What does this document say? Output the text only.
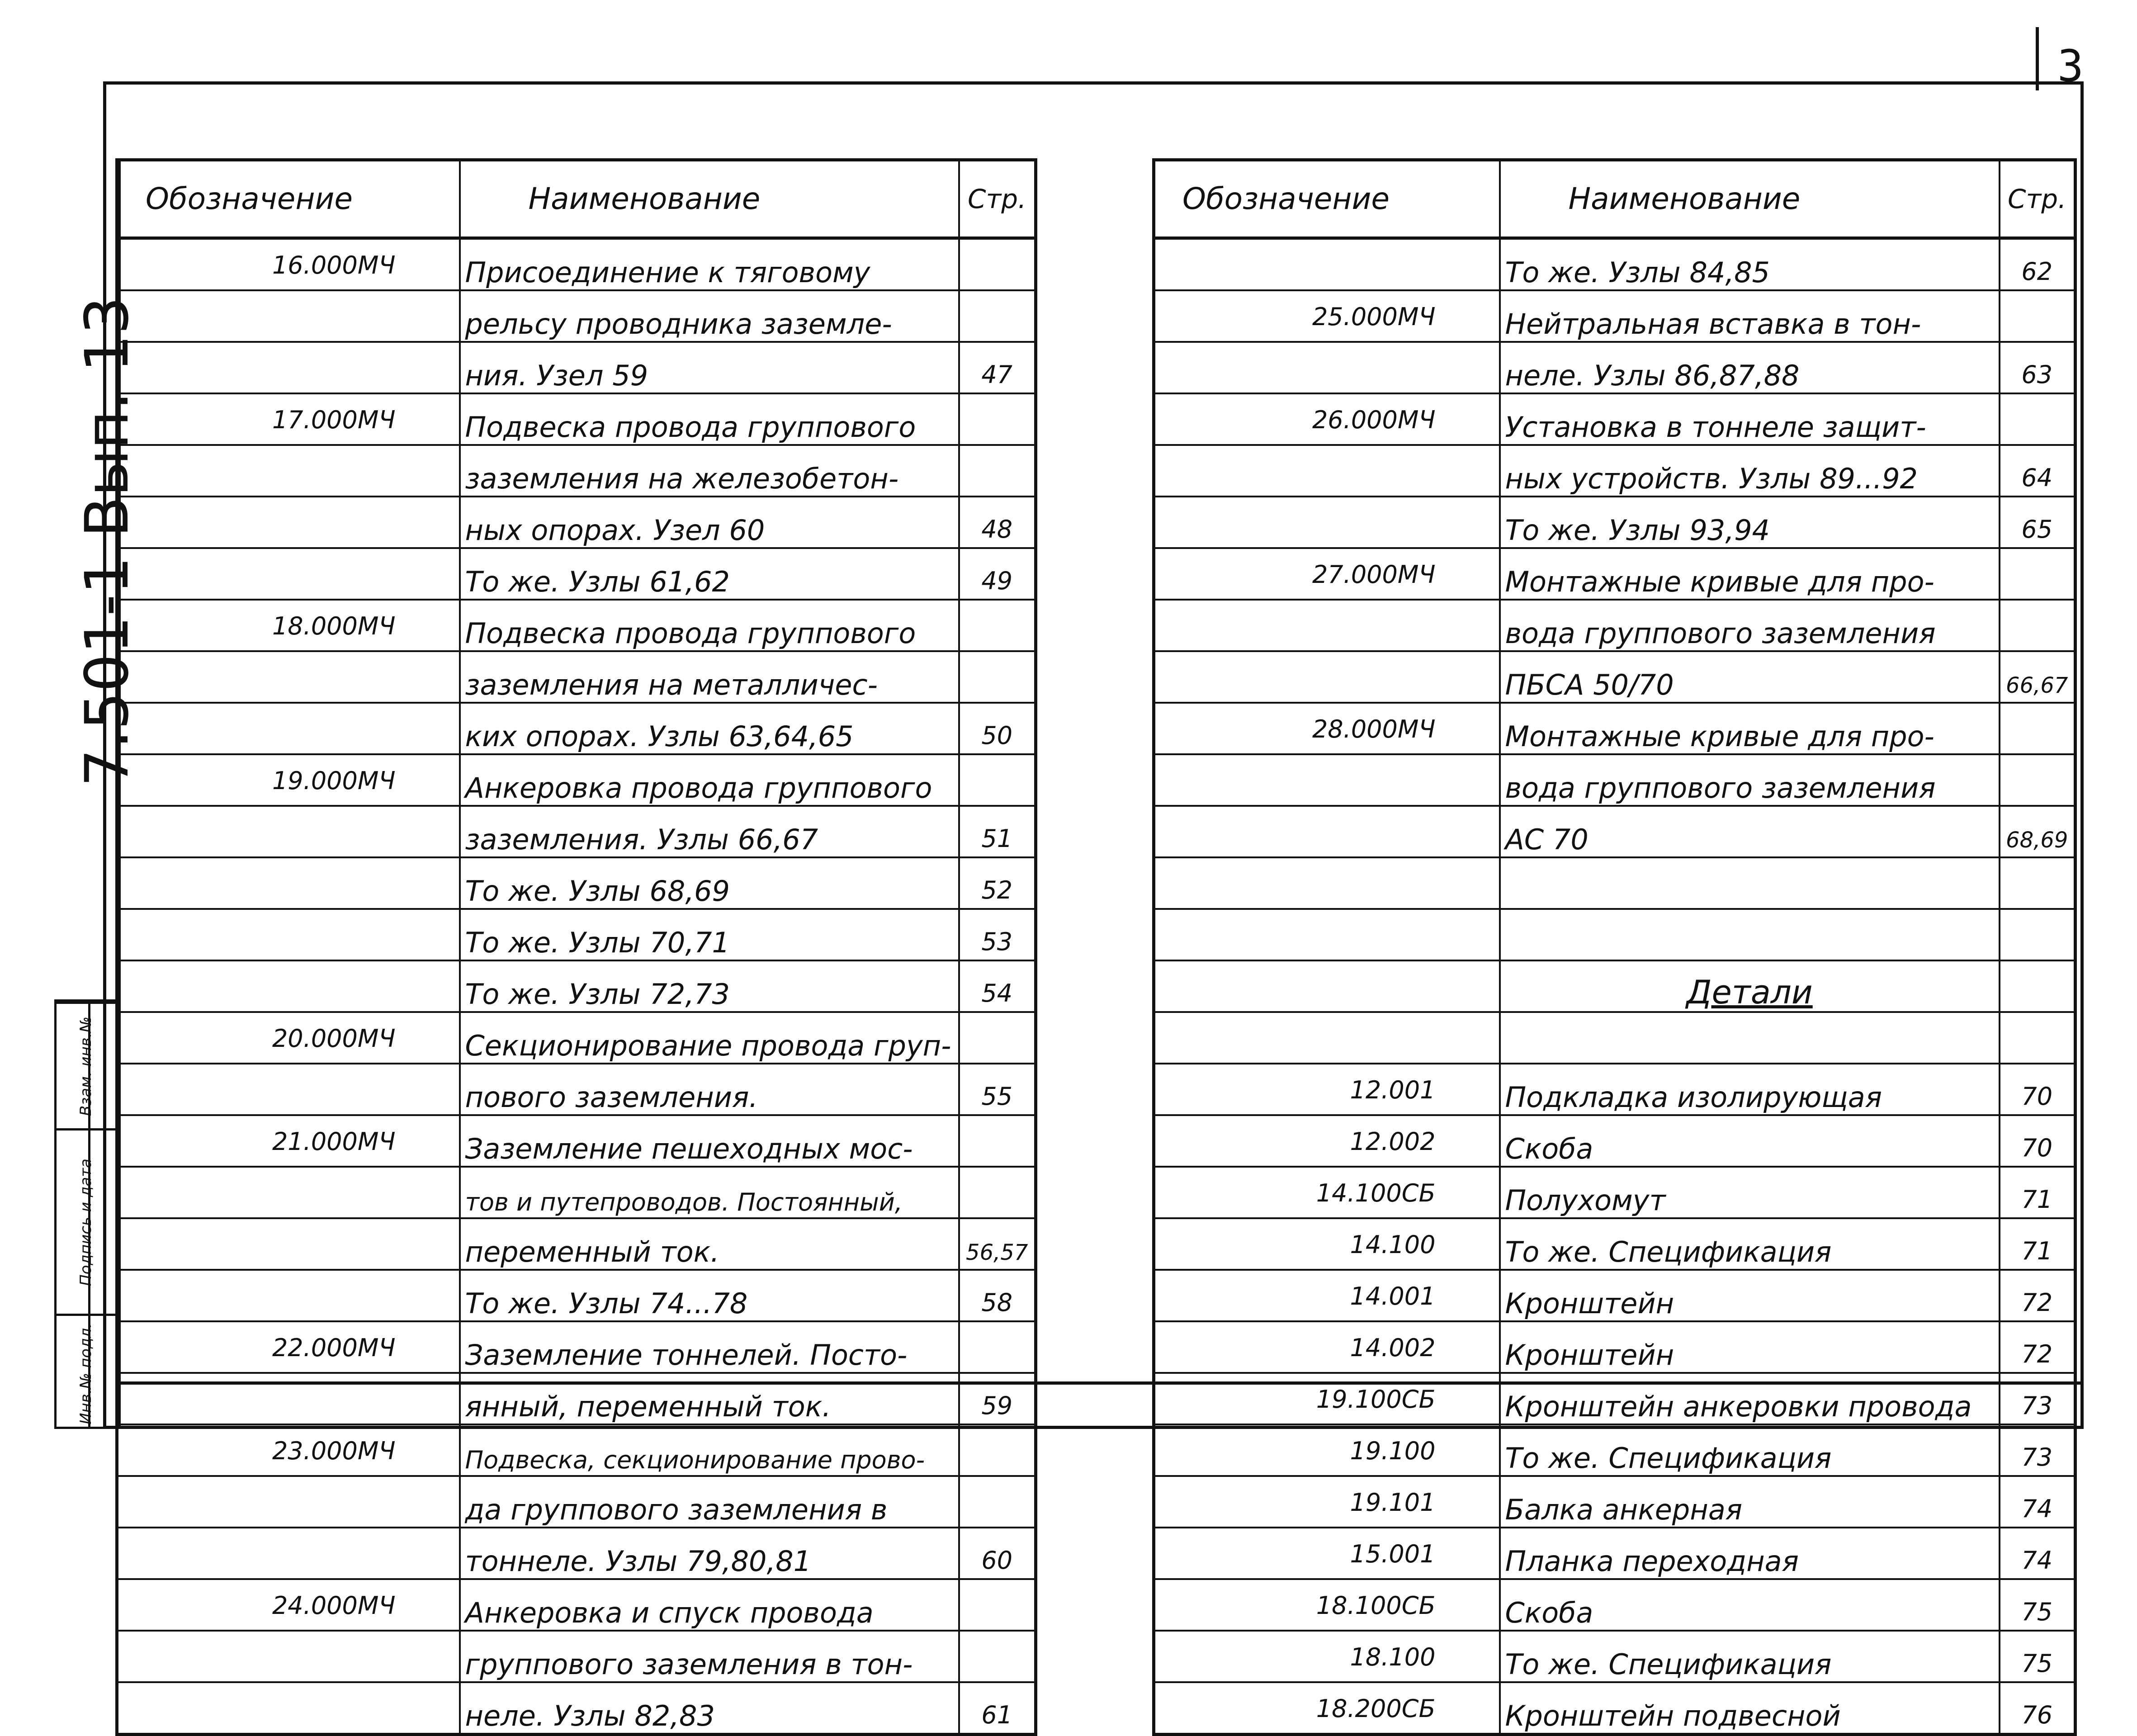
3
7.501-1 Вып. 13
Взам. инв.№
Подпись и дата
Инв.№ подл.
Обозначение	Наименование	Стр.
16.000МЧ	Присоединение к тяговому	
	рельсу проводника заземле-	
	ния. Узел 59	47
17.000МЧ	Подвеска провода группового	
	заземления на железобетон-	
	ных опорах. Узел 60	48
	То же. Узлы 61,62	49
18.000МЧ	Подвеска провода группового	
	заземления на металличес-	
	ких опорах. Узлы 63,64,65	50
19.000МЧ	Анкеровка провода группового	
	заземления. Узлы 66,67	51
	То же. Узлы 68,69	52
	То же. Узлы 70,71	53
	То же. Узлы 72,73	54
20.000МЧ	Секционирование провода груп-	
	пового заземления.	55
21.000МЧ	Заземление пешеходных мос-	
	тов и путепроводов. Постоянный,	
	переменный ток.	56,57
	То же. Узлы 74...78	58
22.000МЧ	Заземление тоннелей. Посто-	
	янный, переменный ток.	59
23.000МЧ	Подвеска, секционирование прово-	
	да группового заземления в	
	тоннеле. Узлы 79,80,81	60
24.000МЧ	Анкеровка и спуск провода	
	группового заземления в тон-	
	неле. Узлы 82,83	61
Обозначение	Наименование	Стр.
	То же. Узлы 84,85	62
25.000МЧ	Нейтральная вставка в тон-	
	неле. Узлы 86,87,88	63
26.000МЧ	Установка в тоннеле защит-	
	ных устройств. Узлы 89...92	64
	То же. Узлы 93,94	65
27.000МЧ	Монтажные кривые для про-	
	вода группового заземления	
	ПБСА 50/70	66,67
28.000МЧ	Монтажные кривые для про-	
	вода группового заземления	
	АС 70	68,69

	Детали	

12.001	Подкладка изолирующая	70
12.002	Скоба	70
14.100СБ	Полухомут	71
14.100	То же. Спецификация	71
14.001	Кронштейн	72
14.002	Кронштейн	72
19.100СБ	Кронштейн анкеровки провода	73
19.100	То же. Спецификация	73
19.101	Балка анкерная	74
15.001	Планка переходная	74
18.100СБ	Скоба	75
18.100	То же. Спецификация	75
18.200СБ	Кронштейн подвесной	76
